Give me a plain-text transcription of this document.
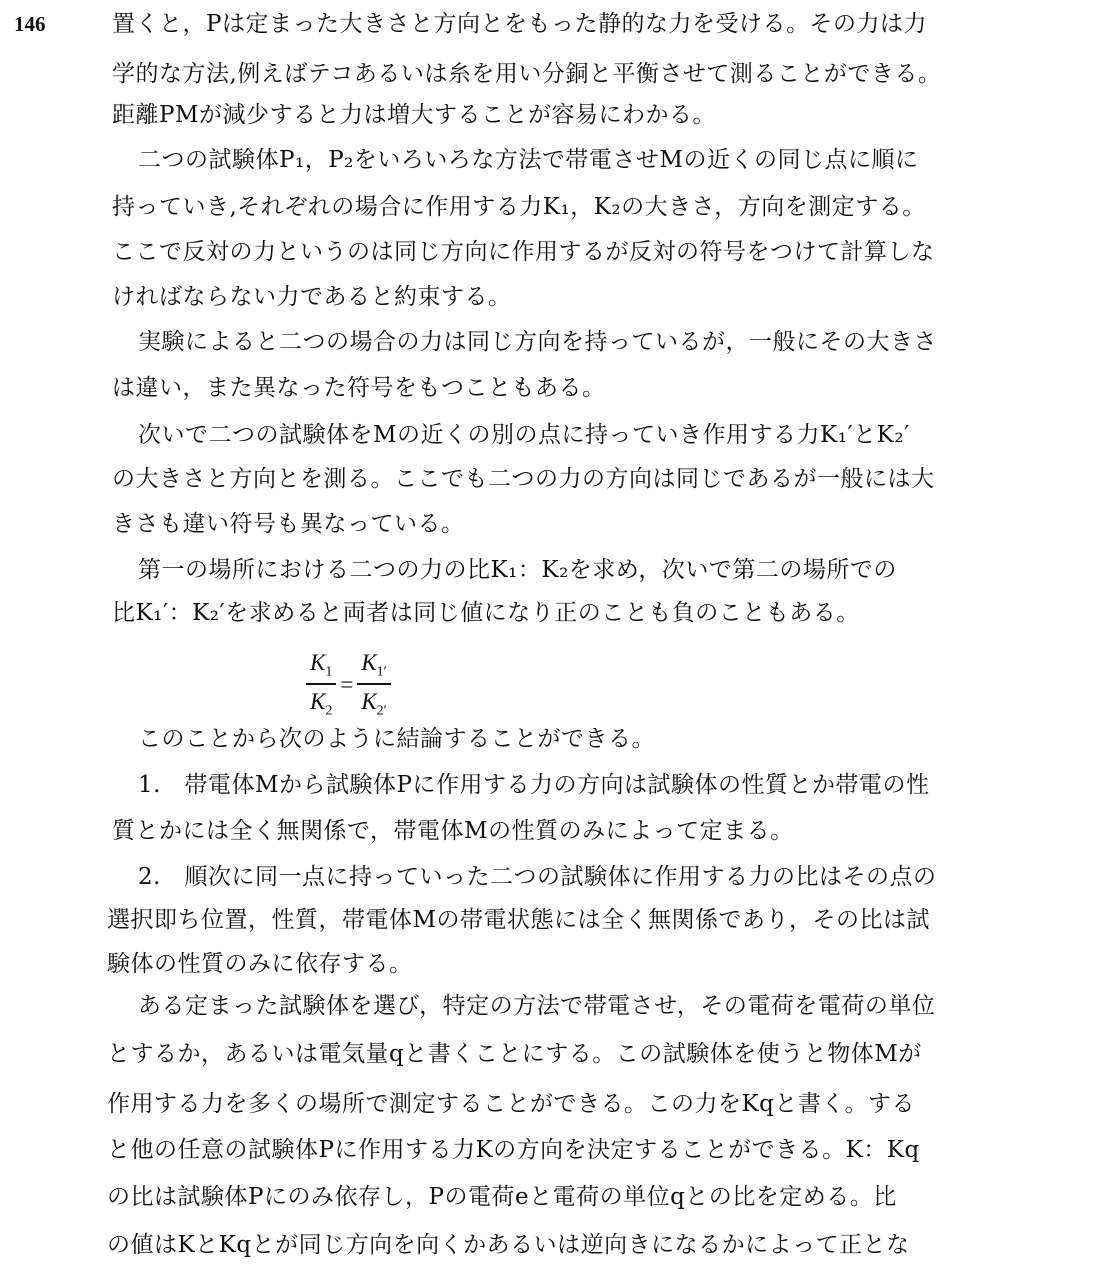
146	置くと，Pは定まった大きさと方向とをもった静的な力を受ける。その力は力
学的な方法,例えばテコあるいは糸を用い分銅と平衡させて測ることができる。
距離PMが減少すると力は増大することが容易にわかる。
二つの試験体P₁，P₂をいろいろな方法で帯電させMの近くの同じ点に順に
持っていき,それぞれの場合に作用する力K₁，K₂の大きさ，方向を測定する。
ここで反対の力というのは同じ方向に作用するが反対の符号をつけて計算しな
ければならない力であると約束する。
実験によると二つの場合の力は同じ方向を持っているが，一般にその大きさ
は違い，また異なった符号をもつこともある。
次いで二つの試験体をMの近くの別の点に持っていき作用する力K₁′とK₂′
の大きさと方向とを測る。ここでも二つの力の方向は同じであるが一般には大
きさも違い符号も異なっている。
第一の場所における二つの力の比K₁：K₂を求め，次いで第二の場所での
比K₁′：K₂′を求めると両者は同じ値になり正のことも負のこともある。
$\frac{K_1}{K_2} = \frac{K_{1'}}{K_{2'}}$
このことから次のように結論することができる。
1.　帯電体Mから試験体Pに作用する力の方向は試験体の性質とか帯電の性
質とかには全く無関係で，帯電体Mの性質のみによって定まる。
2.　順次に同一点に持っていった二つの試験体に作用する力の比はその点の
選択即ち位置，性質，帯電体Mの帯電状態には全く無関係であり，その比は試
験体の性質のみに依存する。
ある定まった試験体を選び，特定の方法で帯電させ，その電荷を電荷の単位
とするか，あるいは電気量qと書くことにする。この試験体を使うと物体Mが
作用する力を多くの場所で測定することができる。この力をKqと書く。する
と他の任意の試験体Pに作用する力Kの方向を決定することができる。K：Kq
の比は試験体Pにのみ依存し，Pの電荷eと電荷の単位qとの比を定める。比
の値はKとKqとが同じ方向を向くかあるいは逆向きになるかによって正とな
